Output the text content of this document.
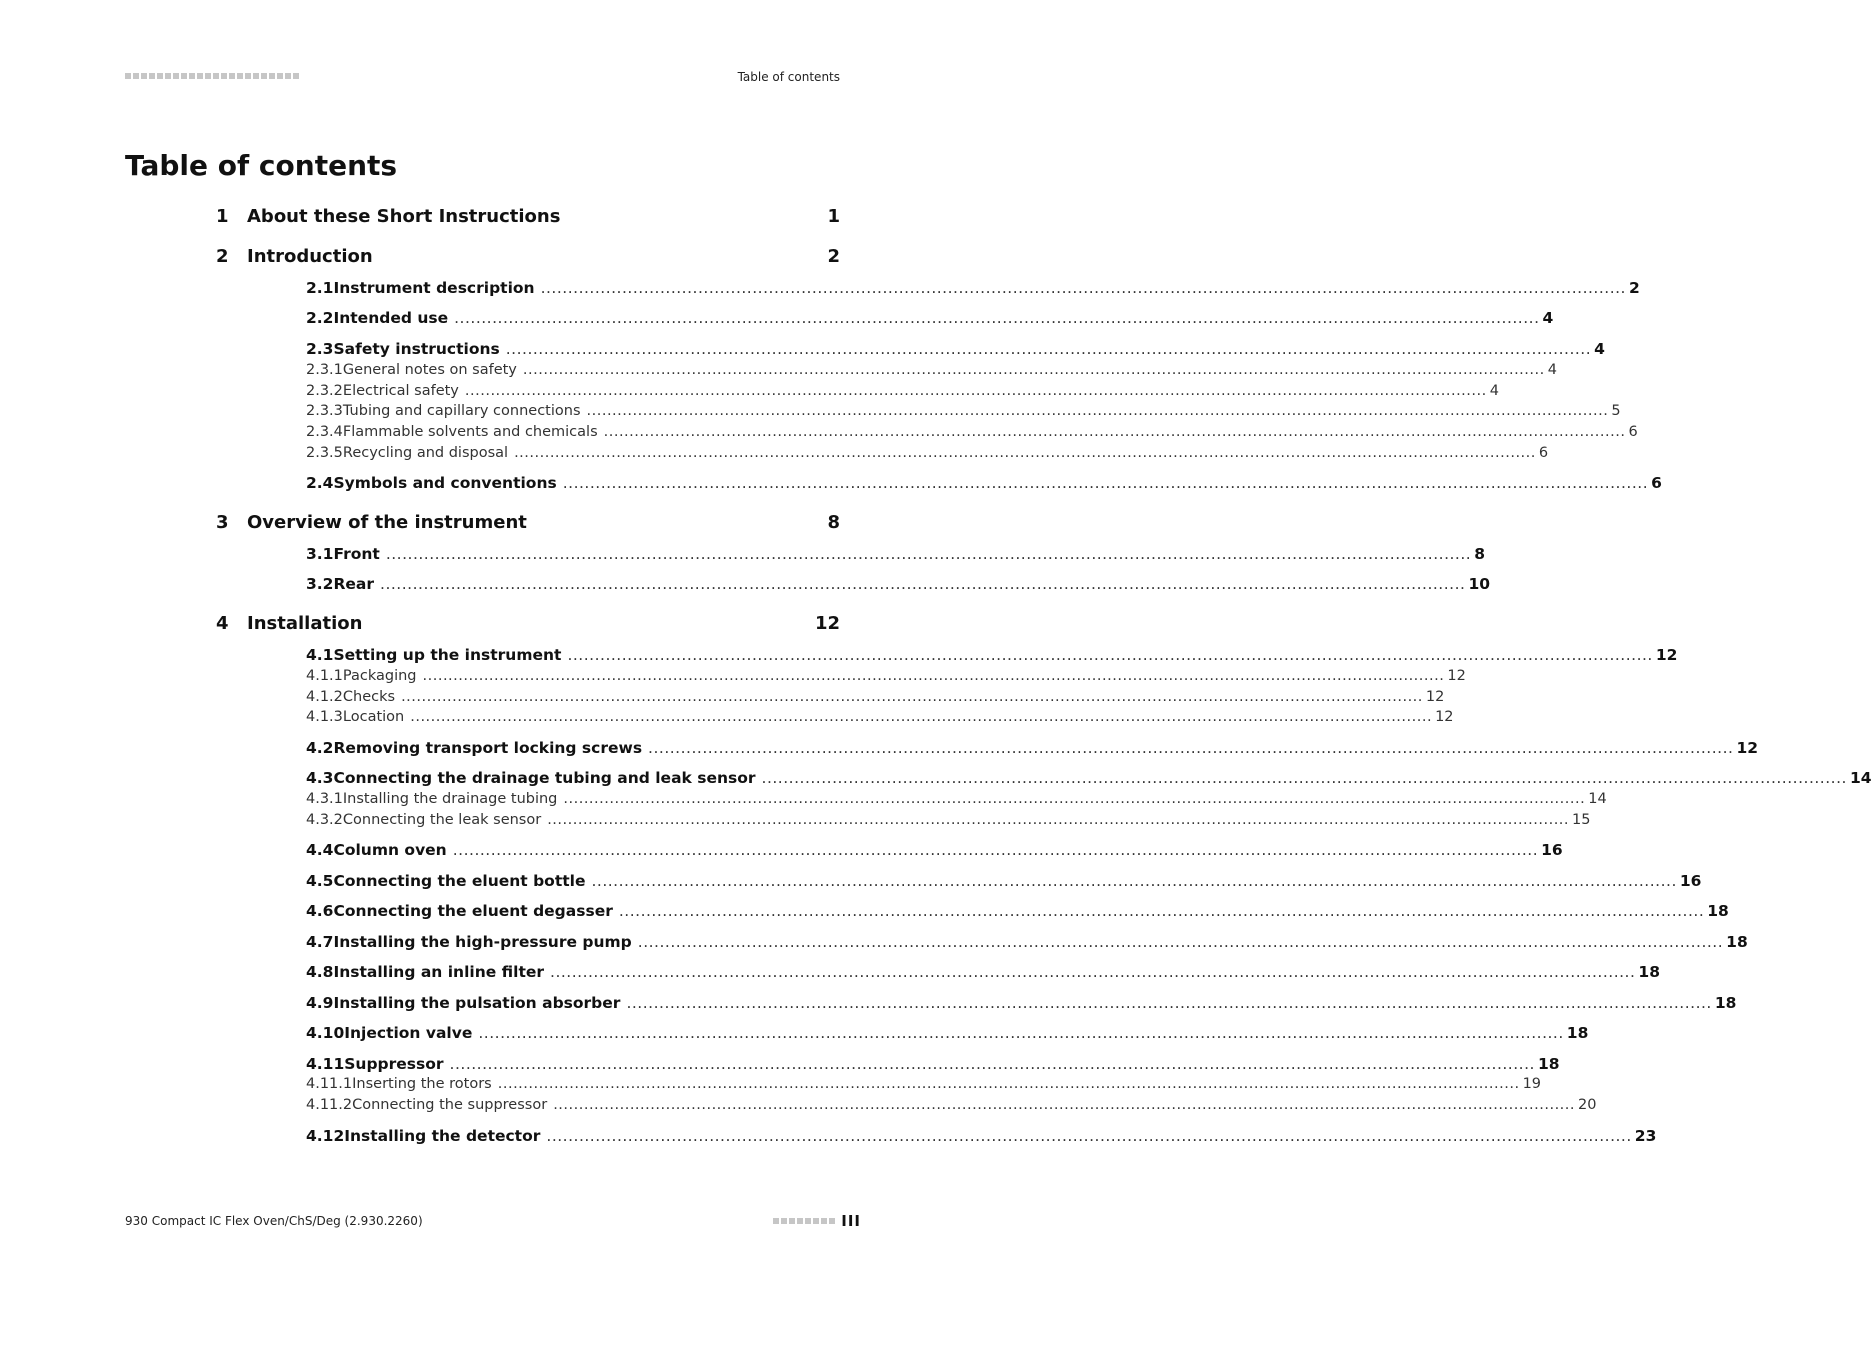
Table of contents
Table of contents
1	About these Short Instructions	1
2	Introduction	2
2.1 Instrument description ........................................................................................................................................................................................................ 2
2.2 Intended use ........................................................................................................................................................................................................ 4
2.3 Safety instructions ........................................................................................................................................................................................................ 4
2.3.1 General notes on safety ........................................................................................................................................................................................................ 4
2.3.2 Electrical safety ........................................................................................................................................................................................................ 4
2.3.3 Tubing and capillary connections ........................................................................................................................................................................................................ 5
2.3.4 Flammable solvents and chemicals ........................................................................................................................................................................................................ 6
2.3.5 Recycling and disposal ........................................................................................................................................................................................................ 6
2.4 Symbols and conventions ........................................................................................................................................................................................................ 6
3	Overview of the instrument	8
3.1 Front ........................................................................................................................................................................................................ 8
3.2 Rear ........................................................................................................................................................................................................ 10
4	Installation	12
4.1 Setting up the instrument ........................................................................................................................................................................................................ 12
4.1.1 Packaging ........................................................................................................................................................................................................ 12
4.1.2 Checks ........................................................................................................................................................................................................ 12
4.1.3 Location ........................................................................................................................................................................................................ 12
4.2 Removing transport locking screws ........................................................................................................................................................................................................ 12
4.3 Connecting the drainage tubing and leak sensor ........................................................................................................................................................................................................ 14
4.3.1 Installing the drainage tubing ........................................................................................................................................................................................................ 14
4.3.2 Connecting the leak sensor ........................................................................................................................................................................................................ 15
4.4 Column oven ........................................................................................................................................................................................................ 16
4.5 Connecting the eluent bottle ........................................................................................................................................................................................................ 16
4.6 Connecting the eluent degasser ........................................................................................................................................................................................................ 18
4.7 Installing the high-pressure pump ........................................................................................................................................................................................................ 18
4.8 Installing an inline filter ........................................................................................................................................................................................................ 18
4.9 Installing the pulsation absorber ........................................................................................................................................................................................................ 18
4.10 Injection valve ........................................................................................................................................................................................................ 18
4.11 Suppressor ........................................................................................................................................................................................................ 18
4.11.1 Inserting the rotors ........................................................................................................................................................................................................ 19
4.11.2 Connecting the suppressor ........................................................................................................................................................................................................ 20
4.12 Installing the detector ........................................................................................................................................................................................................ 23
930 Compact IC Flex Oven/ChS/Deg (2.930.2260)	III
